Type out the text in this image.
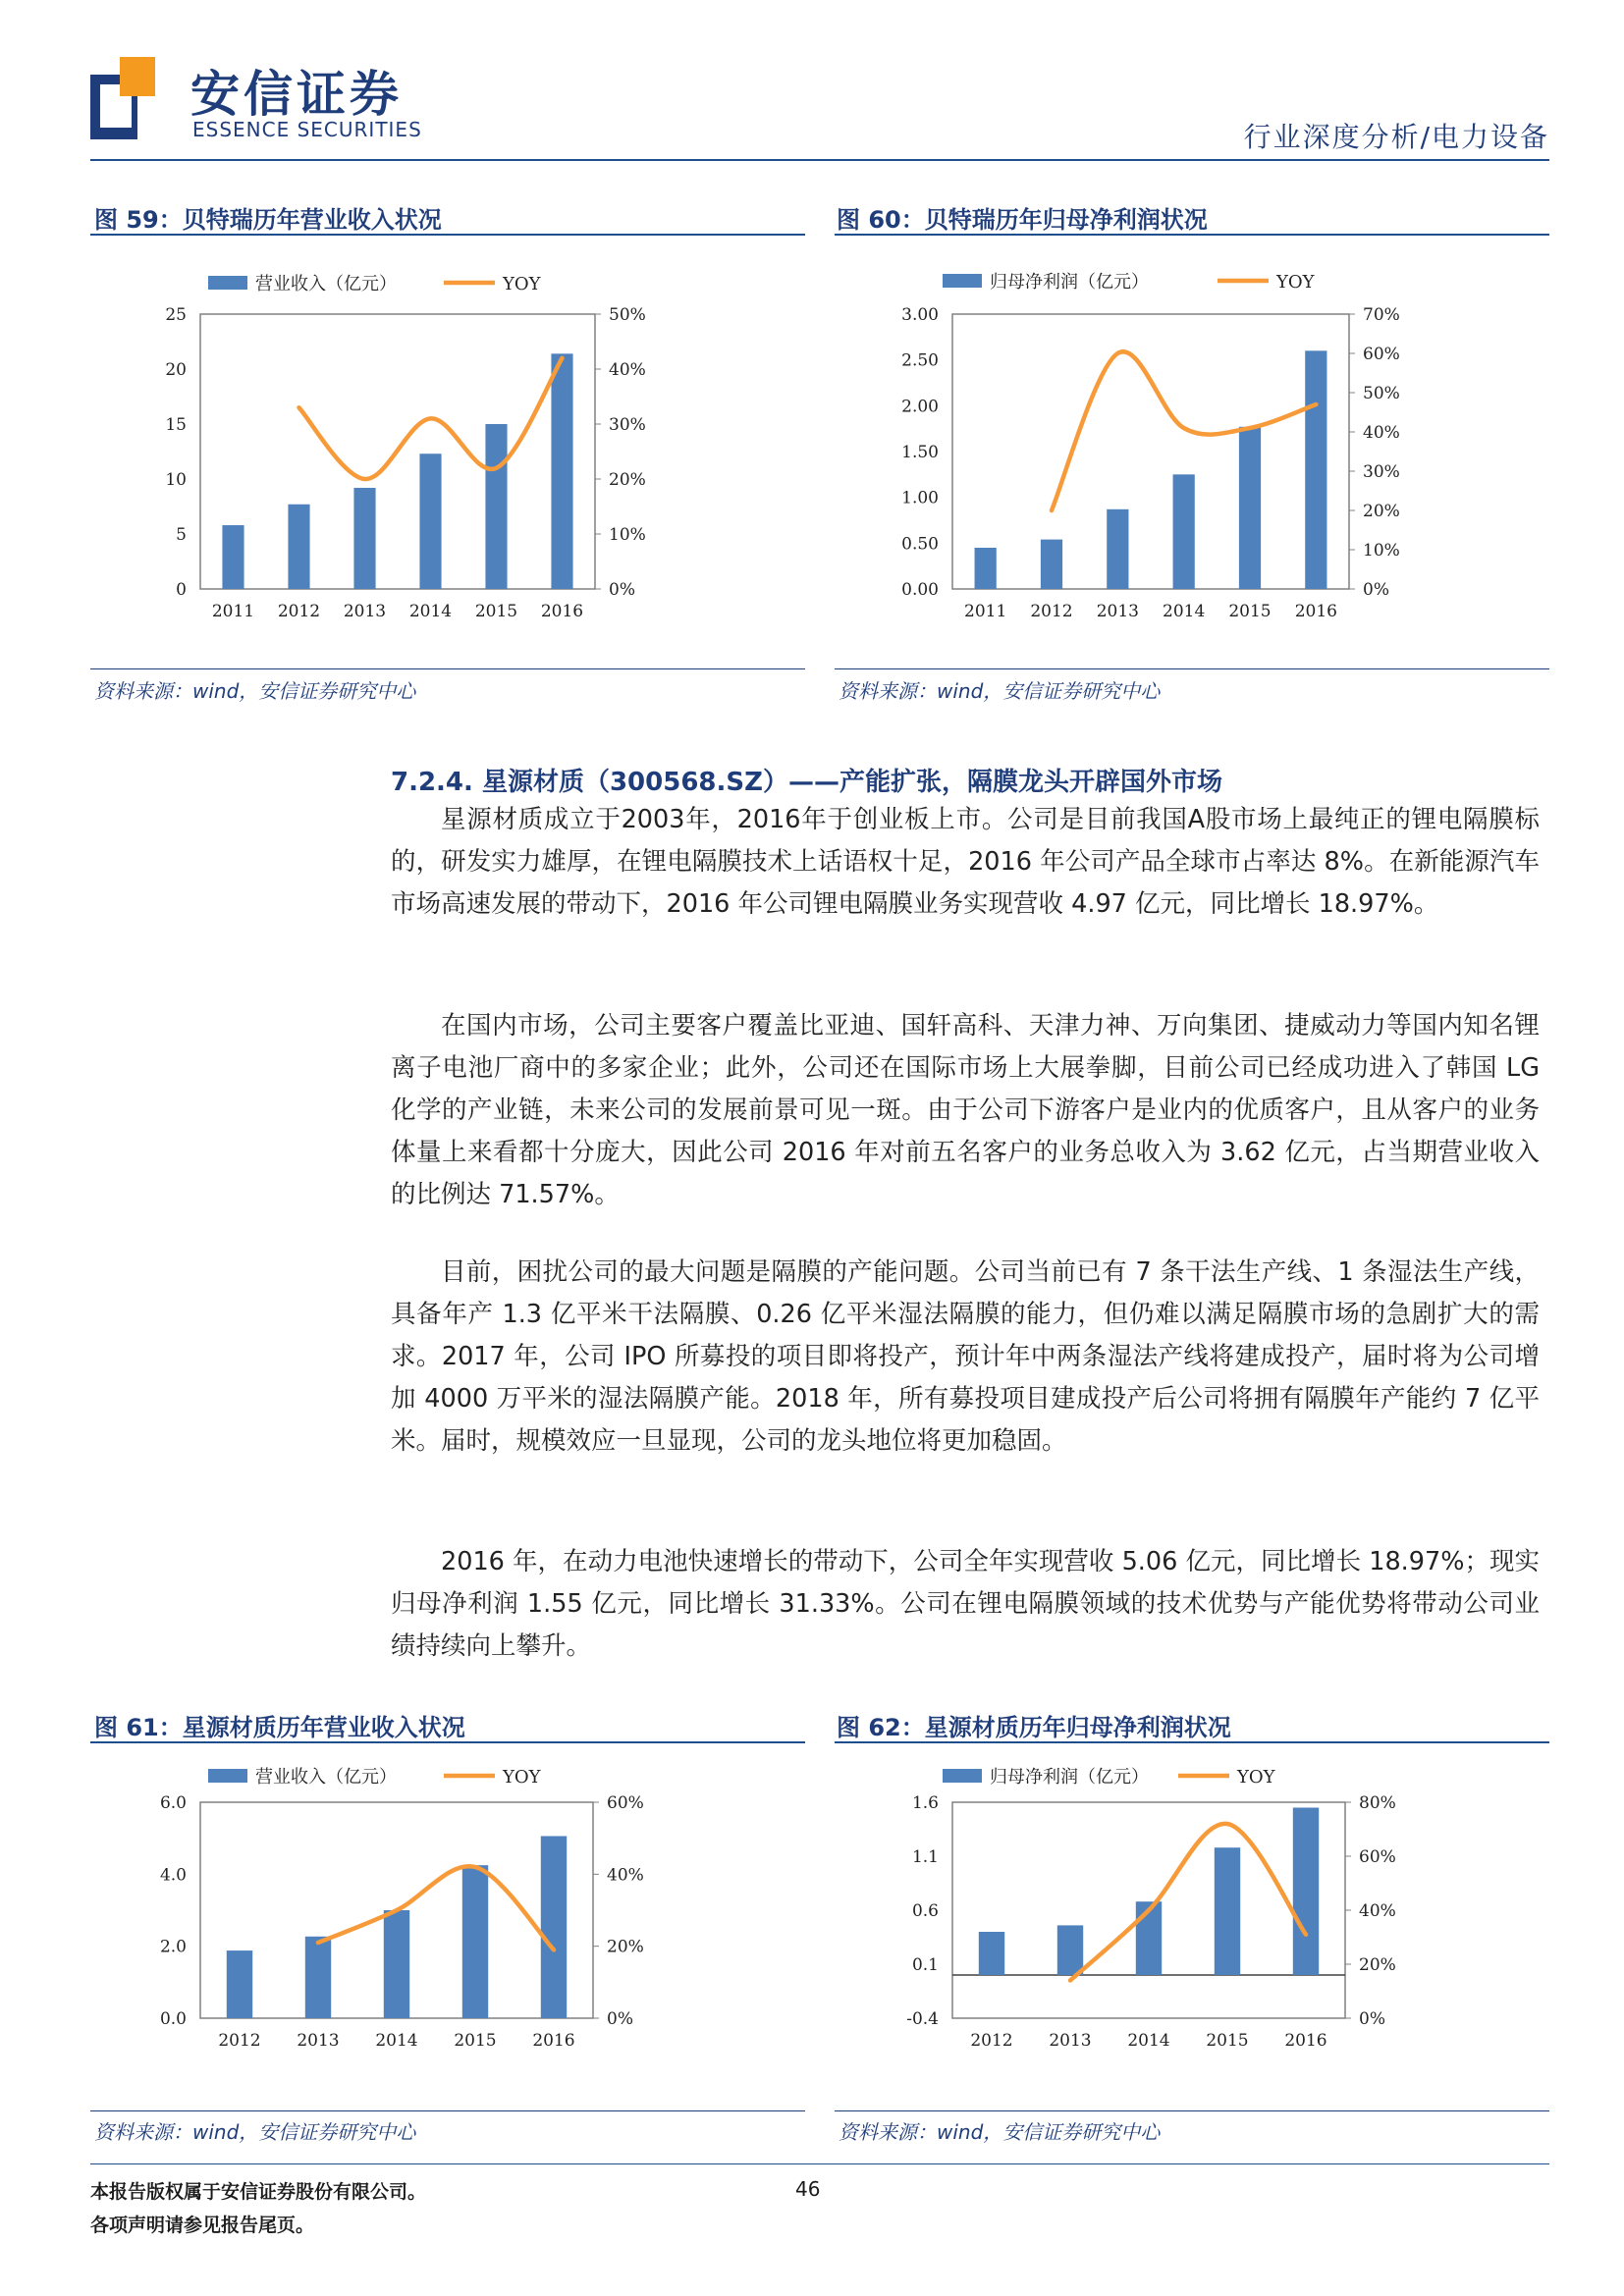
安信证券
ESSENCE SECURITIES	行业深度分析/电力设备
图 59：贝特瑞历年营业收入状况
25
20
15
10
5
0
50%
40%
30%
20%
10%
0%
2011 2012 2013 2014 2015 2016
营业收入（亿元）	YOY
资料来源：wind，安信证券研究中心
图 60：贝特瑞历年归母净利润状况
3.00
2.50
2.00
1.50
1.00
0.50
0.00
70%
60%
50%
40%
30%
20%
10%
0%
2011 2012 2013 2014 2015 2016
归母净利润（亿元）	YOY
资料来源：wind，安信证券研究中心
7.2.4. 星源材质（300568.SZ）——产能扩张，隔膜龙头开辟国外市场

星源材质成立于2003年，2016年于创业板上市。公司是目前我国A股市场上最纯正的锂电隔膜标的，研发实力雄厚，在锂电隔膜技术上话语权十足，2016 年公司产品全球市占率达 8%。在新能源汽车市场高速发展的带动下，2016 年公司锂电隔膜业务实现营收 4.97 亿元，同比增长 18.97%。

在国内市场，公司主要客户覆盖比亚迪、国轩高科、天津力神、万向集团、捷威动力等国内知名锂离子电池厂商中的多家企业；此外，公司还在国际市场上大展拳脚，目前公司已经成功进入了韩国 LG 化学的产业链，未来公司的发展前景可见一斑。由于公司下游客户是业内的优质客户，且从客户的业务体量上来看都十分庞大，因此公司 2016 年对前五名客户的业务总收入为 3.62 亿元，占当期营业收入的比例达 71.57%。

目前，困扰公司的最大问题是隔膜的产能问题。公司当前已有 7 条干法生产线、1 条湿法生产线，具备年产 1.3 亿平米干法隔膜、0.26 亿平米湿法隔膜的能力，但仍难以满足隔膜市场的急剧扩大的需求。2017 年，公司 IPO 所募投的项目即将投产，预计年中两条湿法产线将建成投产，届时将为公司增加 4000 万平米的湿法隔膜产能。2018 年，所有募投项目建成投产后公司将拥有隔膜年产能约 7 亿平米。届时，规模效应一旦显现，公司的龙头地位将更加稳固。

2016 年，在动力电池快速增长的带动下，公司全年实现营收 5.06 亿元，同比增长 18.97%；现实归母净利润 1.55 亿元，同比增长 31.33%。公司在锂电隔膜领域的技术优势与产能优势将带动公司业绩持续向上攀升。

图 61：星源材质历年营业收入状况
6.0
4.0
2.0
0.0
60%
40%
20%
0%
2012 2013 2014 2015 2016
营业收入（亿元）	YOY
资料来源：wind，安信证券研究中心
图 62：星源材质历年归母净利润状况
1.6
1.1
0.6
0.1
-0.4
80%
60%
40%
20%
0%
2012 2013 2014 2015 2016
归母净利润（亿元）	YOY
资料来源：wind，安信证券研究中心
本报告版权属于安信证券股份有限公司。
各项声明请参见报告尾页。
46
